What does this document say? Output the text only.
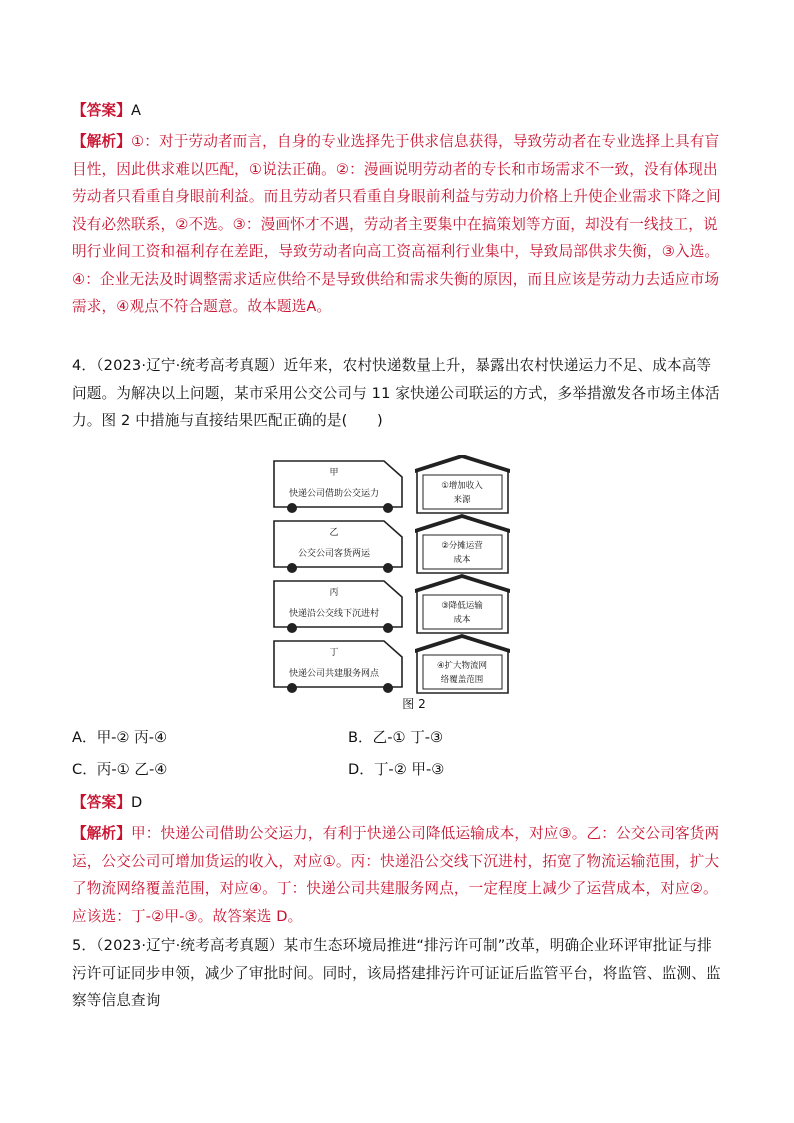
【答案】A
【解析】①：对于劳动者而言，自身的专业选择先于供求信息获得，导致劳动者在专业选择上具有盲目性，因此供求难以匹配，①说法正确。②：漫画说明劳动者的专长和市场需求不一致，没有体现出劳动者只看重自身眼前利益。而且劳动者只看重自身眼前利益与劳动力价格上升使企业需求下降之间没有必然联系，②不选。③：漫画怀才不遇，劳动者主要集中在搞策划等方面，却没有一线技工，说明行业间工资和福利存在差距，导致劳动者向高工资高福利行业集中，导致局部供求失衡，③入选。④：企业无法及时调整需求适应供给不是导致供给和需求失衡的原因，而且应该是劳动力去适应市场需求，④观点不符合题意。故本题选A。
4．（2023·辽宁·统考高考真题）近年来，农村快递数量上升，暴露出农村快递运力不足、成本高等问题。为解决以上问题，某市采用公交公司与 11 家快递公司联运的方式，多举措激发各市场主体活力。图 2 中措施与直接结果匹配正确的是(　　)
甲
快递公司借助公交运力
①增加收入
来源
乙
公交公司客货两运
②分摊运营
成本
丙
快递沿公交线下沉进村
③降低运输
成本
丁
快递公司共建服务网点
④扩大物流网
络覆盖范围
图 2
A．甲-② 丙-④	B．乙-① 丁-③
C．丙-① 乙-④	D．丁-② 甲-③
【答案】D
【解析】甲：快递公司借助公交运力，有利于快递公司降低运输成本，对应③。乙：公交公司客货两运，公交公司可增加货运的收入，对应①。丙：快递沿公交线下沉进村，拓宽了物流运输范围，扩大了物流网络覆盖范围，对应④。丁：快递公司共建服务网点，一定程度上减少了运营成本，对应②。应该选：丁-②甲-③。故答案选 D。
5．（2023·辽宁·统考高考真题）某市生态环境局推进“排污许可制”改革，明确企业环评审批证与排污许可证同步申领，减少了审批时间。同时，该局搭建排污许可证证后监管平台，将监管、监测、监察等信息查询
